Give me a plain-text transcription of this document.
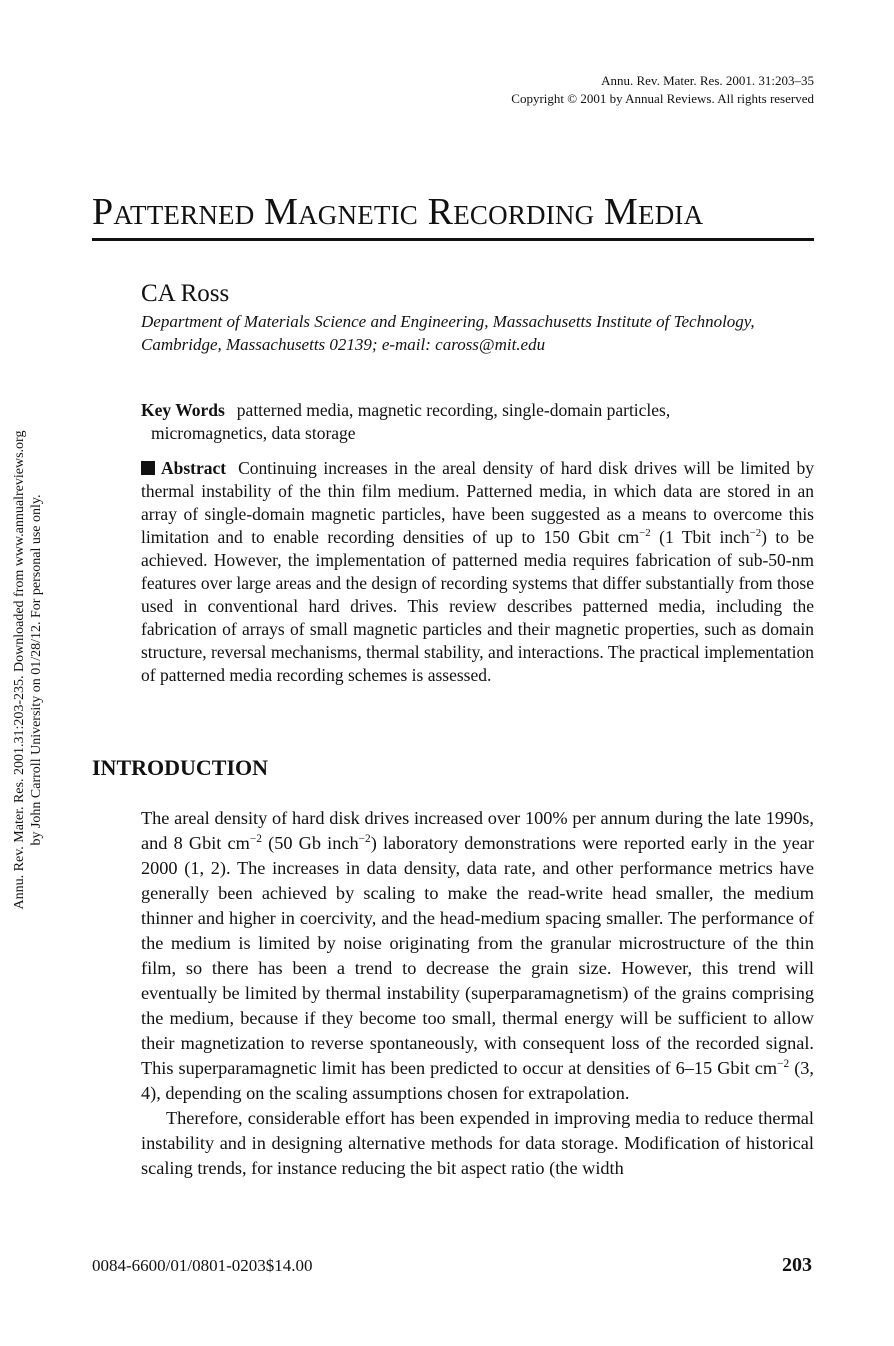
Annu. Rev. Mater. Res. 2001. 31:203–35
Copyright © 2001 by Annual Reviews. All rights reserved
Patterned Magnetic Recording Media
CA Ross
Department of Materials Science and Engineering, Massachusetts Institute of Technology,
Cambridge, Massachusetts 02139; e-mail: caross@mit.edu
Key Words patterned media, magnetic recording, single-domain particles,
micromagnetics, data storage
Abstract Continuing increases in the areal density of hard disk drives will be limited by thermal instability of the thin film medium. Patterned media, in which data are stored in an array of single-domain magnetic particles, have been suggested as a means to overcome this limitation and to enable recording densities of up to 150 Gbit $cm^{-2}$ (1 Tbit inch$^{-2}$) to be achieved. However, the implementation of patterned media requires fabrication of sub-50-nm features over large areas and the design of recording systems that differ substantially from those used in conventional hard drives. This review describes patterned media, including the fabrication of arrays of small magnetic particles and their magnetic properties, such as domain structure, reversal mechanisms, thermal stability, and interactions. The practical implementation of patterned media recording schemes is assessed.
INTRODUCTION

The areal density of hard disk drives increased over 100% per annum during the late 1990s, and 8 Gbit $cm^{-2}$ (50 Gb inch$^{-2}$) laboratory demonstrations were reported early in the year 2000 (1, 2). The increases in data density, data rate, and other performance metrics have generally been achieved by scaling to make the read-write head smaller, the medium thinner and higher in coercivity, and the head-medium spacing smaller. The performance of the medium is limited by noise originating from the granular microstructure of the thin film, so there has been a trend to decrease the grain size. However, this trend will eventually be limited by thermal instability (superparamagnetism) of the grains comprising the medium, because if they become too small, thermal energy will be sufficient to allow their magnetization to reverse spontaneously, with consequent loss of the recorded signal. This superparamagnetic limit has been predicted to occur at densities of 6–15 Gbit $cm^{-2}$ (3, 4), depending on the scaling assumptions chosen for extrapolation.

Therefore, considerable effort has been expended in improving media to reduce thermal instability and in designing alternative methods for data storage. Modification of historical scaling trends, for instance reducing the bit aspect ratio (the width

0084-6600/01/0801-0203$14.00	203
Annu. Rev. Mater. Res. 2001.31:203-235. Downloaded from www.annualreviews.org by John Carroll University on 01/28/12. For personal use only.
